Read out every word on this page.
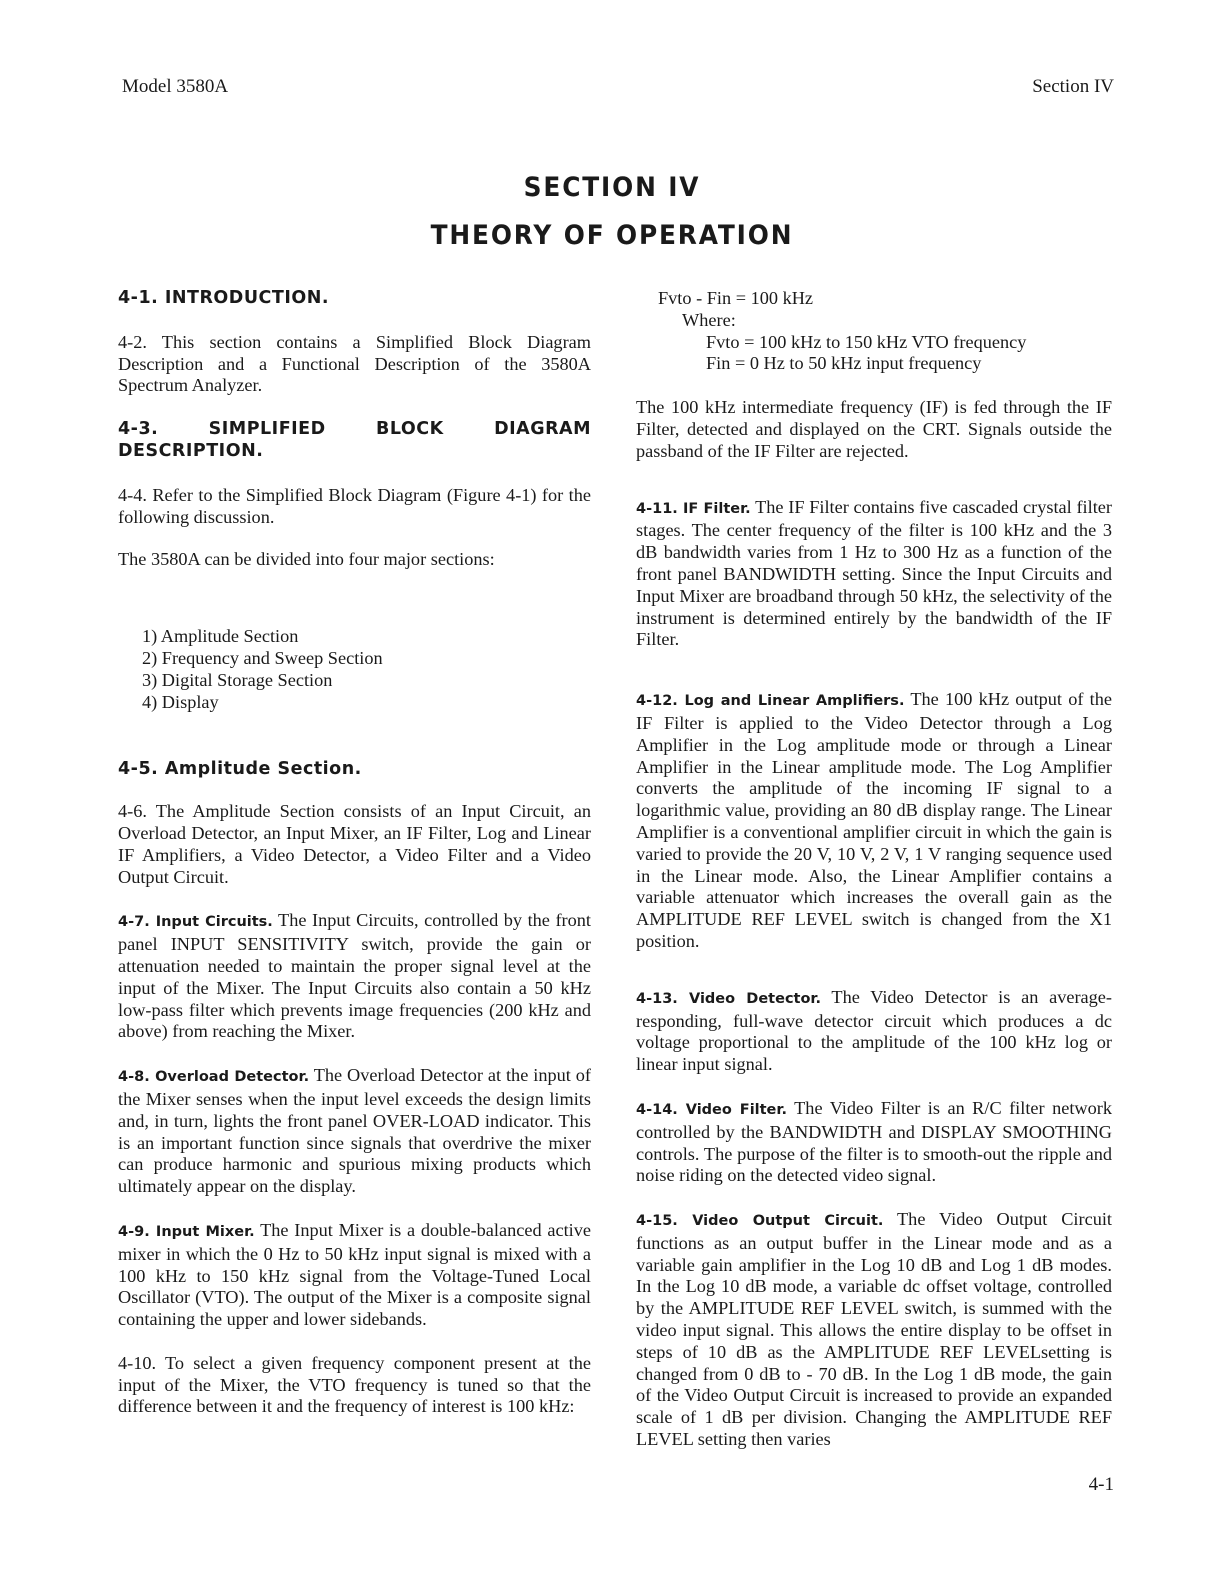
Model 3580A	Section IV
SECTION IV
THEORY OF OPERATION
4-1. INTRODUCTION.

4-2. This section contains a Simplified Block Diagram Description and a Functional Description of the 3580A Spectrum Analyzer.

4-3. SIMPLIFIED BLOCK DIAGRAM DESCRIPTION.

4-4. Refer to the Simplified Block Diagram (Figure 4-1) for the following discussion.

The 3580A can be divided into four major sections:

1) Amplitude Section
2) Frequency and Sweep Section
3) Digital Storage Section
4) Display
4-5. Amplitude Section.

4-6. The Amplitude Section consists of an Input Circuit, an Overload Detector, an Input Mixer, an IF Filter, Log and Linear IF Amplifiers, a Video Detector, a Video Filter and a Video Output Circuit.

4-7. Input Circuits. The Input Circuits, controlled by the front panel INPUT SENSITIVITY switch, provide the gain or attenuation needed to maintain the proper signal level at the input of the Mixer. The Input Circuits also contain a 50 kHz low-pass filter which prevents image frequencies (200 kHz and above) from reaching the Mixer.

4-8. Overload Detector. The Overload Detector at the input of the Mixer senses when the input level exceeds the design limits and, in turn, lights the front panel OVER-LOAD indicator. This is an important function since signals that overdrive the mixer can produce harmonic and spurious mixing products which ultimately appear on the display.

4-9. Input Mixer. The Input Mixer is a double-balanced active mixer in which the 0 Hz to 50 kHz input signal is mixed with a 100 kHz to 150 kHz signal from the Voltage-Tuned Local Oscillator (VTO). The output of the Mixer is a composite signal containing the upper and lower sidebands.

4-10. To select a given frequency component present at the input of the Mixer, the VTO frequency is tuned so that the difference between it and the frequency of interest is 100 kHz:

Fvto - Fin = 100 kHz
Where:
Fvto = 100 kHz to 150 kHz VTO frequency
Fin = 0 Hz to 50 kHz input frequency

The 100 kHz intermediate frequency (IF) is fed through the IF Filter, detected and displayed on the CRT. Signals outside the passband of the IF Filter are rejected.

4-11. IF Filter. The IF Filter contains five cascaded crystal filter stages. The center frequency of the filter is 100 kHz and the 3 dB bandwidth varies from 1 Hz to 300 Hz as a function of the front panel BANDWIDTH setting. Since the Input Circuits and Input Mixer are broadband through 50 kHz, the selectivity of the instrument is determined entirely by the bandwidth of the IF Filter.

4-12. Log and Linear Amplifiers. The 100 kHz output of the IF Filter is applied to the Video Detector through a Log Amplifier in the Log amplitude mode or through a Linear Amplifier in the Linear amplitude mode. The Log Amplifier converts the amplitude of the incoming IF signal to a logarithmic value, providing an 80 dB display range. The Linear Amplifier is a conventional amplifier circuit in which the gain is varied to provide the 20 V, 10 V, 2 V, 1 V ranging sequence used in the Linear mode. Also, the Linear Amplifier contains a variable attenuator which increases the overall gain as the AMPLITUDE REF LEVEL switch is changed from the X1 position.

4-13. Video Detector. The Video Detector is an average-responding, full-wave detector circuit which produces a dc voltage proportional to the amplitude of the 100 kHz log or linear input signal.

4-14. Video Filter. The Video Filter is an R/C filter network controlled by the BANDWIDTH and DISPLAY SMOOTHING controls. The purpose of the filter is to smooth-out the ripple and noise riding on the detected video signal.

4-15. Video Output Circuit. The Video Output Circuit functions as an output buffer in the Linear mode and as a variable gain amplifier in the Log 10 dB and Log 1 dB modes. In the Log 10 dB mode, a variable dc offset voltage, controlled by the AMPLITUDE REF LEVEL switch, is summed with the video input signal. This allows the entire display to be offset in steps of 10 dB as the AMPLITUDE REF LEVELsetting is changed from 0 dB to - 70 dB. In the Log 1 dB mode, the gain of the Video Output Circuit is increased to provide an expanded scale of 1 dB per division. Changing the AMPLITUDE REF LEVEL setting then varies

4-1
